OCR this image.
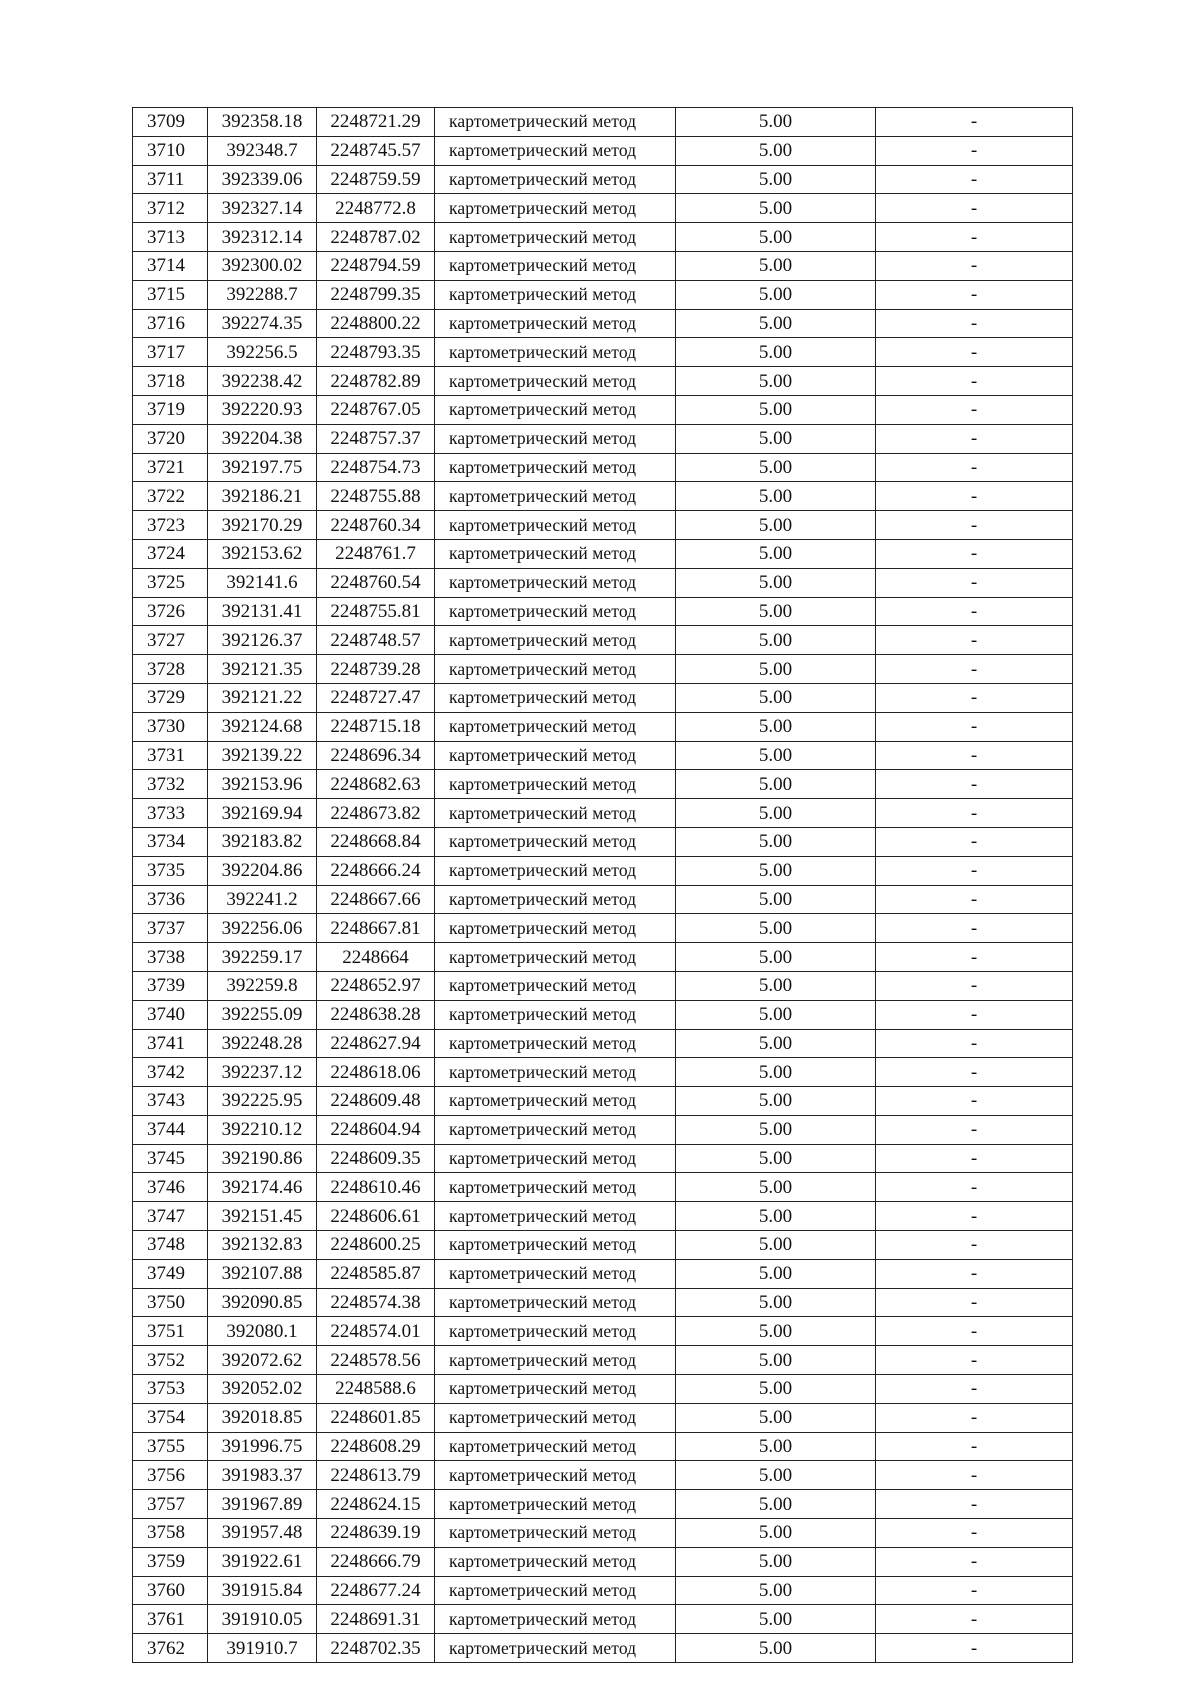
3709	392358.18	2248721.29	картометрический метод	5.00	-
3710	392348.7	2248745.57	картометрический метод	5.00	-
3711	392339.06	2248759.59	картометрический метод	5.00	-
3712	392327.14	2248772.8	картометрический метод	5.00	-
3713	392312.14	2248787.02	картометрический метод	5.00	-
3714	392300.02	2248794.59	картометрический метод	5.00	-
3715	392288.7	2248799.35	картометрический метод	5.00	-
3716	392274.35	2248800.22	картометрический метод	5.00	-
3717	392256.5	2248793.35	картометрический метод	5.00	-
3718	392238.42	2248782.89	картометрический метод	5.00	-
3719	392220.93	2248767.05	картометрический метод	5.00	-
3720	392204.38	2248757.37	картометрический метод	5.00	-
3721	392197.75	2248754.73	картометрический метод	5.00	-
3722	392186.21	2248755.88	картометрический метод	5.00	-
3723	392170.29	2248760.34	картометрический метод	5.00	-
3724	392153.62	2248761.7	картометрический метод	5.00	-
3725	392141.6	2248760.54	картометрический метод	5.00	-
3726	392131.41	2248755.81	картометрический метод	5.00	-
3727	392126.37	2248748.57	картометрический метод	5.00	-
3728	392121.35	2248739.28	картометрический метод	5.00	-
3729	392121.22	2248727.47	картометрический метод	5.00	-
3730	392124.68	2248715.18	картометрический метод	5.00	-
3731	392139.22	2248696.34	картометрический метод	5.00	-
3732	392153.96	2248682.63	картометрический метод	5.00	-
3733	392169.94	2248673.82	картометрический метод	5.00	-
3734	392183.82	2248668.84	картометрический метод	5.00	-
3735	392204.86	2248666.24	картометрический метод	5.00	-
3736	392241.2	2248667.66	картометрический метод	5.00	-
3737	392256.06	2248667.81	картометрический метод	5.00	-
3738	392259.17	2248664	картометрический метод	5.00	-
3739	392259.8	2248652.97	картометрический метод	5.00	-
3740	392255.09	2248638.28	картометрический метод	5.00	-
3741	392248.28	2248627.94	картометрический метод	5.00	-
3742	392237.12	2248618.06	картометрический метод	5.00	-
3743	392225.95	2248609.48	картометрический метод	5.00	-
3744	392210.12	2248604.94	картометрический метод	5.00	-
3745	392190.86	2248609.35	картометрический метод	5.00	-
3746	392174.46	2248610.46	картометрический метод	5.00	-
3747	392151.45	2248606.61	картометрический метод	5.00	-
3748	392132.83	2248600.25	картометрический метод	5.00	-
3749	392107.88	2248585.87	картометрический метод	5.00	-
3750	392090.85	2248574.38	картометрический метод	5.00	-
3751	392080.1	2248574.01	картометрический метод	5.00	-
3752	392072.62	2248578.56	картометрический метод	5.00	-
3753	392052.02	2248588.6	картометрический метод	5.00	-
3754	392018.85	2248601.85	картометрический метод	5.00	-
3755	391996.75	2248608.29	картометрический метод	5.00	-
3756	391983.37	2248613.79	картометрический метод	5.00	-
3757	391967.89	2248624.15	картометрический метод	5.00	-
3758	391957.48	2248639.19	картометрический метод	5.00	-
3759	391922.61	2248666.79	картометрический метод	5.00	-
3760	391915.84	2248677.24	картометрический метод	5.00	-
3761	391910.05	2248691.31	картометрический метод	5.00	-
3762	391910.7	2248702.35	картометрический метод	5.00	-
